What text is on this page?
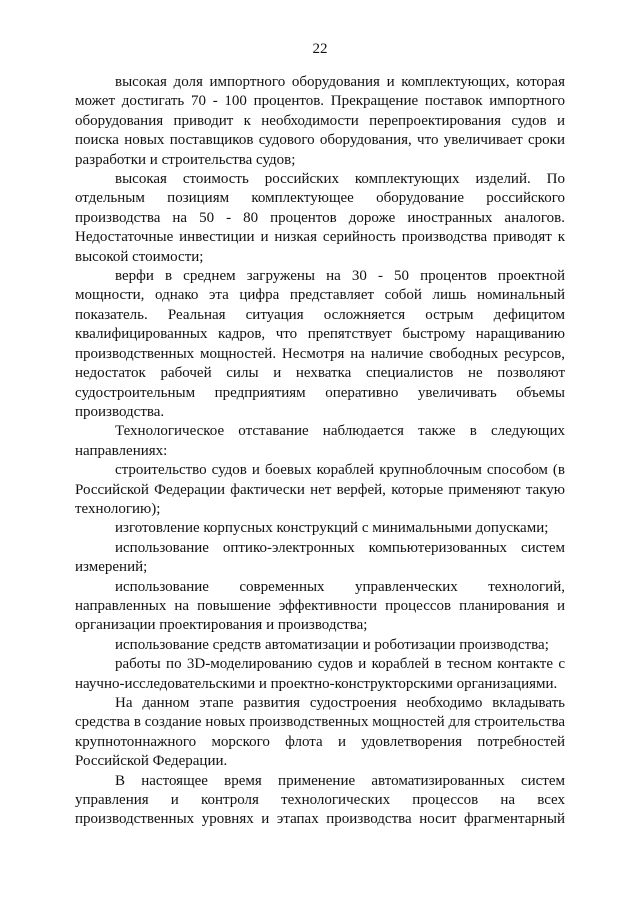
22

высокая доля импортного оборудования и комплектующих, которая может достигать 70 - 100 процентов. Прекращение поставок импортного оборудования приводит к необходимости перепроектирования судов и поиска новых поставщиков судового оборудования, что увеличивает сроки разработки и строительства судов;

высокая стоимость российских комплектующих изделий. По отдельным позициям комплектующее оборудование российского производства на 50 - 80 процентов дороже иностранных аналогов. Недостаточные инвестиции и низкая серийность производства приводят к высокой стоимости;

верфи в среднем загружены на 30 - 50 процентов проектной мощности, однако эта цифра представляет собой лишь номинальный показатель. Реальная ситуация осложняется острым дефицитом квалифицированных кадров, что препятствует быстрому наращиванию производственных мощностей. Несмотря на наличие свободных ресурсов, недостаток рабочей силы и нехватка специалистов не позволяют судостроительным предприятиям оперативно увеличивать объемы производства.

Технологическое отставание наблюдается также в следующих направлениях:

строительство судов и боевых кораблей крупноблочным способом (в Российской Федерации фактически нет верфей, которые применяют такую технологию);

изготовление корпусных конструкций с минимальными допусками;

использование оптико-электронных компьютеризованных систем измерений;

использование современных управленческих технологий, направленных на повышение эффективности процессов планирования и организации проектирования и производства;

использование средств автоматизации и роботизации производства;

работы по 3D-моделированию судов и кораблей в тесном контакте с научно-исследовательскими и проектно-конструкторскими организациями.

На данном этапе развития судостроения необходимо вкладывать средства в создание новых производственных мощностей для строительства крупнотоннажного морского флота и удовлетворения потребностей Российской Федерации.

В настоящее время применение автоматизированных систем управления и контроля технологических процессов на всех производственных уровнях и этапах производства носит фрагментарный
